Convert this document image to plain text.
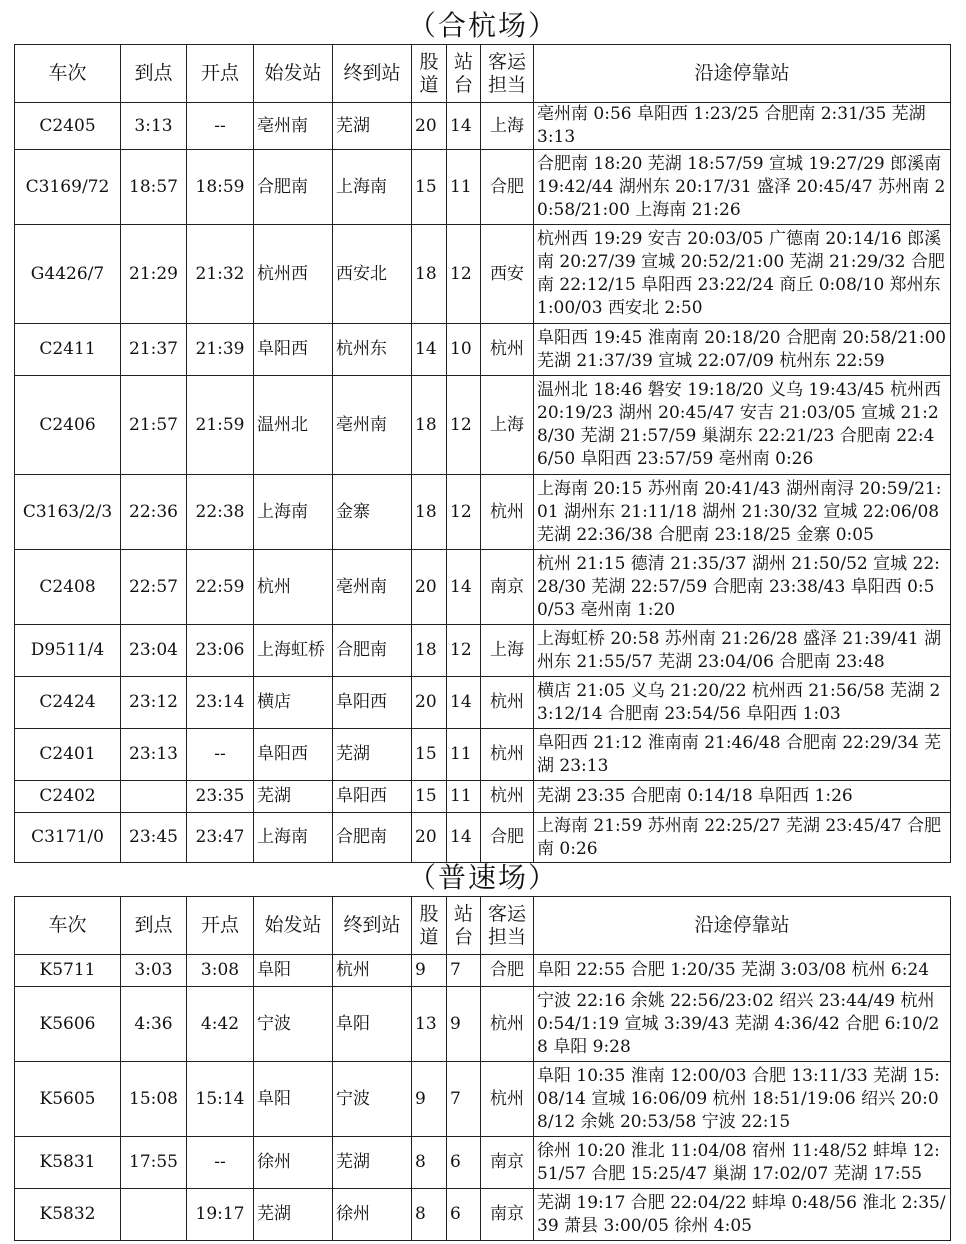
（合杭场）
车次	到点	开点	始发站	终到站	股道	站台	客运担当	沿途停靠站
C2405	3:13	--	亳州南	芜湖	20	14	上海	亳州南 0:56 阜阳西 1:23/25 合肥南 2:31/35 芜湖 3:13
C3169/72	18:57	18:59	合肥南	上海南	15	11	合肥	合肥南 18:20 芜湖 18:57/59 宣城 19:27/29 郎溪南 19:42/44 湖州东 20:17/31 盛泽 20:45/47 苏州南 20:58/21:00 上海南 21:26
G4426/7	21:29	21:32	杭州西	西安北	18	12	西安	杭州西 19:29 安吉 20:03/05 广德南 20:14/16 郎溪南 20:27/39 宣城 20:52/21:00 芜湖 21:29/32 合肥南 22:12/15 阜阳西 23:22/24 商丘 0:08/10 郑州东 1:00/03 西安北 2:50
C2411	21:37	21:39	阜阳西	杭州东	14	10	杭州	阜阳西 19:45 淮南南 20:18/20 合肥南 20:58/21:00 芜湖 21:37/39 宣城 22:07/09 杭州东 22:59
C2406	21:57	21:59	温州北	亳州南	18	12	上海	温州北 18:46 磐安 19:18/20 义乌 19:43/45 杭州西 20:19/23 湖州 20:45/47 安吉 21:03/05 宣城 21:28/30 芜湖 21:57/59 巢湖东 22:21/23 合肥南 22:46/50 阜阳西 23:57/59 亳州南 0:26
C3163/2/3	22:36	22:38	上海南	金寨	18	12	杭州	上海南 20:15 苏州南 20:41/43 湖州南浔 20:59/21:01 湖州东 21:11/18 湖州 21:30/32 宣城 22:06/08 芜湖 22:36/38 合肥南 23:18/25 金寨 0:05
C2408	22:57	22:59	杭州	亳州南	20	14	南京	杭州 21:15 德清 21:35/37 湖州 21:50/52 宣城 22:28/30 芜湖 22:57/59 合肥南 23:38/43 阜阳西 0:50/53 亳州南 1:20
D9511/4	23:04	23:06	上海虹桥	合肥南	18	12	上海	上海虹桥 20:58 苏州南 21:26/28 盛泽 21:39/41 湖州东 21:55/57 芜湖 23:04/06 合肥南 23:48
C2424	23:12	23:14	横店	阜阳西	20	14	杭州	横店 21:05 义乌 21:20/22 杭州西 21:56/58 芜湖 23:12/14 合肥南 23:54/56 阜阳西 1:03
C2401	23:13	--	阜阳西	芜湖	15	11	杭州	阜阳西 21:12 淮南南 21:46/48 合肥南 22:29/34 芜湖 23:13
C2402		23:35	芜湖	阜阳西	15	11	杭州	芜湖 23:35 合肥南 0:14/18 阜阳西 1:26
C3171/0	23:45	23:47	上海南	合肥南	20	14	合肥	上海南 21:59 苏州南 22:25/27 芜湖 23:45/47 合肥南 0:26
（普速场）
车次	到点	开点	始发站	终到站	股道	站台	客运担当	沿途停靠站
K5711	3:03	3:08	阜阳	杭州	9	7	合肥	阜阳 22:55 合肥 1:20/35 芜湖 3:03/08 杭州 6:24
K5606	4:36	4:42	宁波	阜阳	13	9	杭州	宁波 22:16 余姚 22:56/23:02 绍兴 23:44/49 杭州 0:54/1:19 宣城 3:39/43 芜湖 4:36/42 合肥 6:10/28 阜阳 9:28
K5605	15:08	15:14	阜阳	宁波	9	7	杭州	阜阳 10:35 淮南 12:00/03 合肥 13:11/33 芜湖 15:08/14 宣城 16:06/09 杭州 18:51/19:06 绍兴 20:08/12 余姚 20:53/58 宁波 22:15
K5831	17:55	--	徐州	芜湖	8	6	南京	徐州 10:20 淮北 11:04/08 宿州 11:48/52 蚌埠 12:51/57 合肥 15:25/47 巢湖 17:02/07 芜湖 17:55
K5832		19:17	芜湖	徐州	8	6	南京	芜湖 19:17 合肥 22:04/22 蚌埠 0:48/56 淮北 2:35/39 萧县 3:00/05 徐州 4:05
